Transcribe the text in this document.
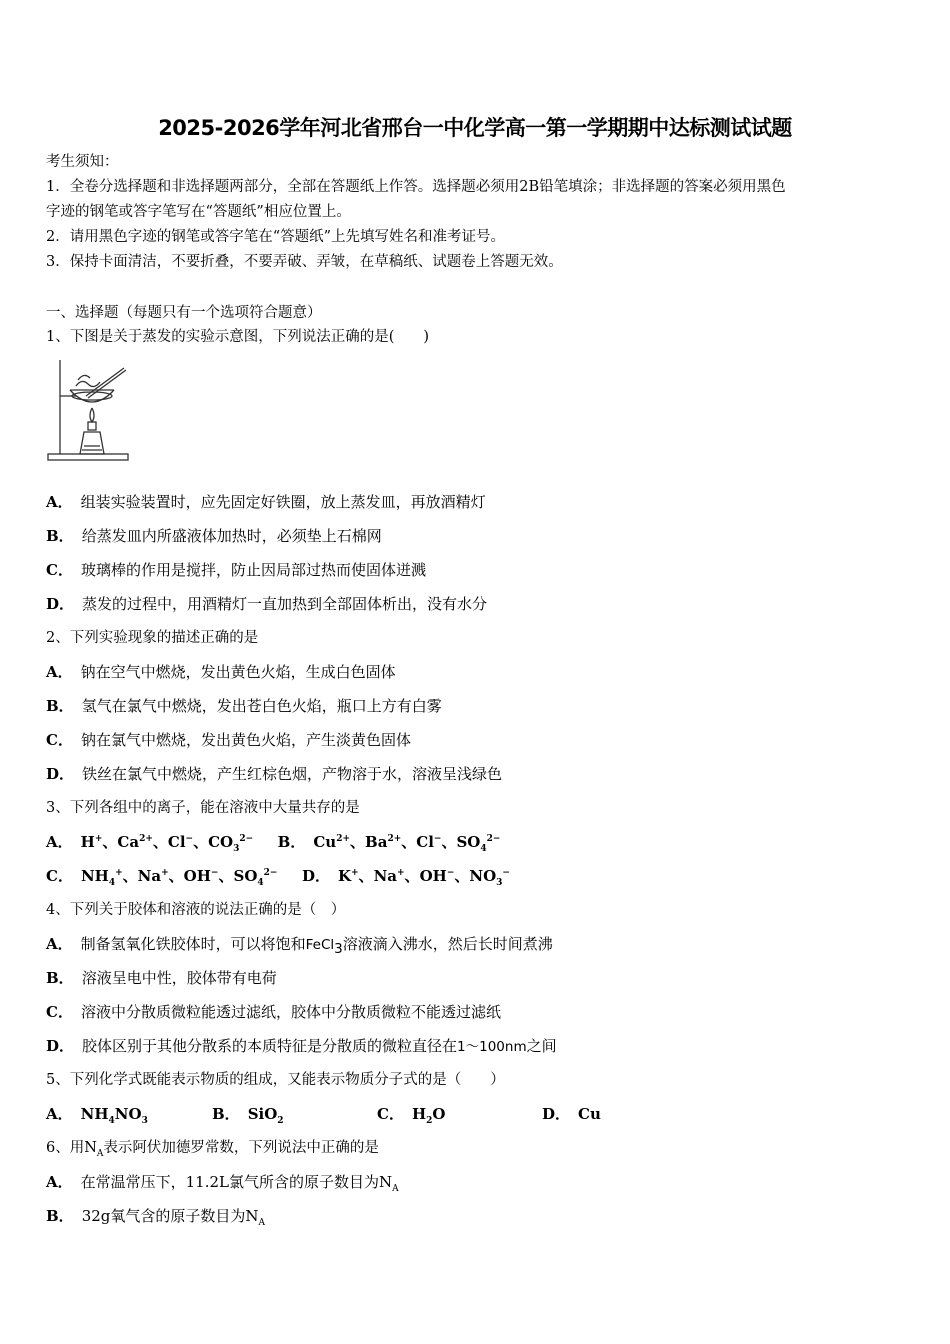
2025-2026学年河北省邢台一中化学高一第一学期期中达标测试试题
考生须知：
1．全卷分选择题和非选择题两部分，全部在答题纸上作答。选择题必须用2B铅笔填涂；非选择题的答案必须用黑色
字迹的钢笔或答字笔写在“答题纸”相应位置上。
2．请用黑色字迹的钢笔或答字笔在“答题纸”上先填写姓名和准考证号。
3．保持卡面清洁，不要折叠，不要弄破、弄皱，在草稿纸、试题卷上答题无效。
一、选择题（每题只有一个选项符合题意）
1、下图是关于蒸发的实验示意图，下列说法正确的是(　　)
A． 组装实验装置时，应先固定好铁圈，放上蒸发皿，再放酒精灯
B． 给蒸发皿内所盛液体加热时，必须垫上石棉网
C． 玻璃棒的作用是搅拌，防止因局部过热而使固体迸溅
D． 蒸发的过程中，用酒精灯一直加热到全部固体析出，没有水分
2、下列实验现象的描述正确的是
A． 钠在空气中燃烧，发出黄色火焰，生成白色固体
B． 氢气在氯气中燃烧，发出苍白色火焰，瓶口上方有白雾
C． 钠在氯气中燃烧，发出黄色火焰，产生淡黄色固体
D． 铁丝在氯气中燃烧，产生红棕色烟，产物溶于水，溶液呈浅绿色
3、下列各组中的离子，能在溶液中大量共存的是
A． H+、$Ca^{2+}$、Cl−、$CO_3^{2-}$ B． $Cu^{2+}$、$Ba^{2+}$、Cl−、$SO_4^{2-}$
C． $NH_4^+$、Na+、OH−、$SO_4^{2-}$ D． K+、Na+、OH−、$NO_3^-$
4、下列关于胶体和溶液的说法正确的是（　）
A． 制备氢氧化铁胶体时，可以将饱和FeCl$_3$溶液滴入沸水，然后长时间煮沸
B． 溶液呈电中性，胶体带有电荷
C． 溶液中分散质微粒能透过滤纸，胶体中分散质微粒不能透过滤纸
D． 胶体区别于其他分散系的本质特征是分散质的微粒直径在1～100nm之间
5、下列化学式既能表示物质的组成，又能表示物质分子式的是（　　）
A． $NH_4NO_3$	B． SiO$_2$	C． $H_2O$	D． Cu
6、用$N_A$表示阿伏加德罗常数，下列说法中正确的是
A． 在常温常压下，11.2L氯气所含的原子数目为$N_A$
B． 32g氧气含的原子数目为$N_A$
